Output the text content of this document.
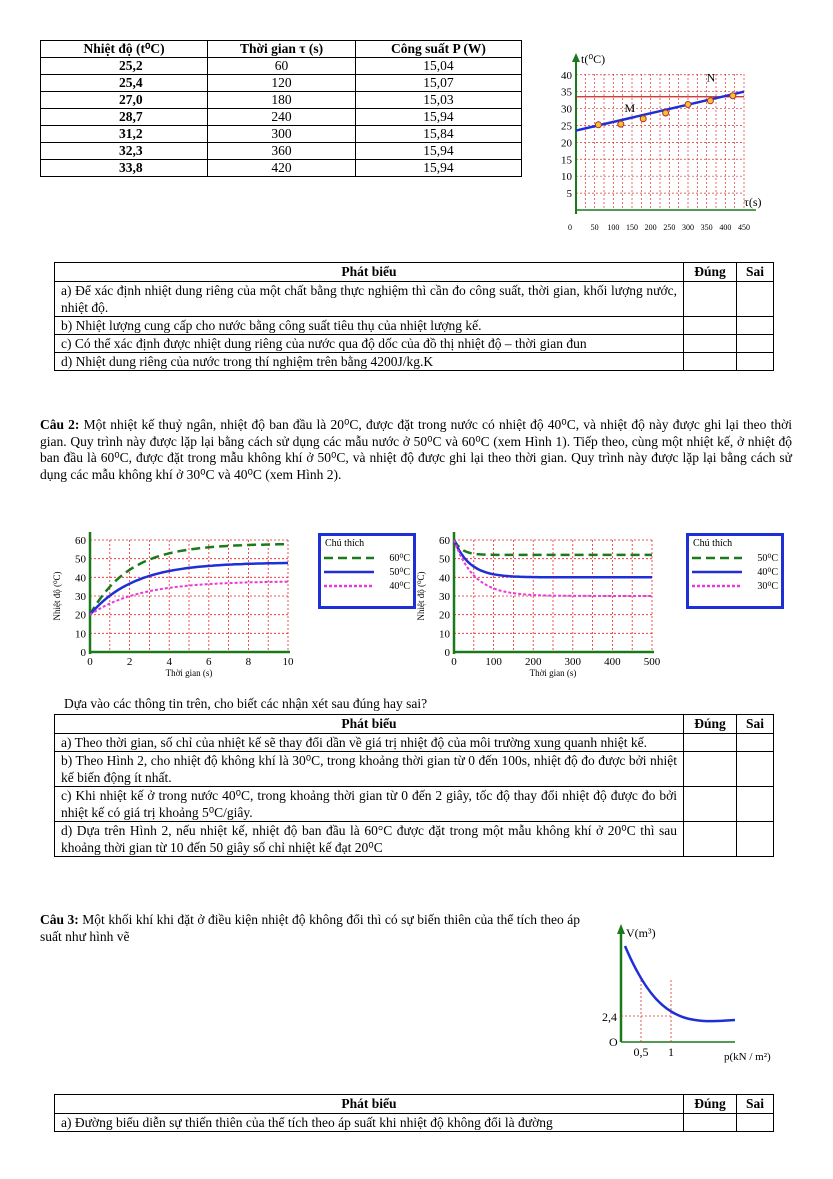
Nhiệt độ (t⁰C)	Thời gian τ (s)	Công suất P (W)
25,2	60	15,04
25,4	120	15,07
27,0	180	15,03
28,7	240	15,94
31,2	300	15,84
32,3	360	15,94
33,8	420	15,94
t(⁰C)
τ(s)
5
10
15
20
25
30
35
40
0 50 100 150 200 250 300 350 400 450
M
N
Phát biểu	Đúng	Sai
a) Để xác định nhiệt dung riêng của một chất bằng thực nghiệm thì cần đo công suất, thời gian, khối lượng nước, nhiệt độ.		
b) Nhiệt lượng cung cấp cho nước bằng công suất tiêu thụ của nhiệt lượng kế.		
c) Có thể xác định được nhiệt dung riêng của nước qua độ dốc của đồ thị nhiệt độ – thời gian đun		
d) Nhiệt dung riêng của nước trong thí nghiệm trên bằng 4200J/kg.K		

Câu 2: Một nhiệt kế thuỷ ngân, nhiệt độ ban đầu là 20⁰C, được đặt trong nước có nhiệt độ 40⁰C, và nhiệt độ này được ghi lại theo thời gian. Quy trình này được lặp lại bằng cách sử dụng các mẫu nước ở 50⁰C và 60⁰C (xem Hình 1). Tiếp theo, cùng một nhiệt kế, ở nhiệt độ ban đầu là 60⁰C, được đặt trong mẫu không khí ở 50⁰C, và nhiệt độ được ghi lại theo thời gian. Quy trình này được lặp lại bằng cách sử dụng các mẫu không khí ở 30⁰C và 40⁰C (xem Hình 2).

0
10
20
30
40
50
60
0	2	4	6	8	10
Thời gian (s)
Nhiệt độ (⁰C)
Chú thích
60⁰C
50⁰C
40⁰C
0
10
20
30
40
50
60
0	100 200 300 400 500
Thời gian (s)
Nhiệt độ (⁰C)
Chú thích
50⁰C
40⁰C
30⁰C
Dựa vào các thông tin trên, cho biết các nhận xét sau đúng hay sai?
Phát biểu	Đúng	Sai
a) Theo thời gian, số chỉ của nhiệt kế sẽ thay đổi dần về giá trị nhiệt độ của môi trường xung quanh nhiệt kế.		
b) Theo Hình 2, cho nhiệt độ không khí là 30⁰C, trong khoảng thời gian từ 0 đến 100s, nhiệt độ đo được bởi nhiệt kế biến động ít nhất.		
c) Khi nhiệt kế ở trong nước 40⁰C, trong khoảng thời gian từ 0 đến 2 giây, tốc độ thay đổi nhiệt độ được đo bởi nhiệt kế có giá trị khoảng 5⁰C/giây.		
d) Dựa trên Hình 2, nếu nhiệt kế, nhiệt độ ban đầu là 60°C được đặt trong một mẫu không khí ở 20⁰C thì sau khoảng thời gian từ 10 đến 50 giây số chỉ nhiệt kế đạt 20⁰C		

Câu 3: Một khối khí khi đặt ở điều kiện nhiệt độ không đổi thì có sự biến thiên của thể tích theo áp suất như hình vẽ	V(m³)
p(kN / m²)
O
0,5 1
2,4
Phát biểu	Đúng	Sai
a) Đường biểu diễn sự thiến thiên của thể tích theo áp suất khi nhiệt độ không đổi là đường		
